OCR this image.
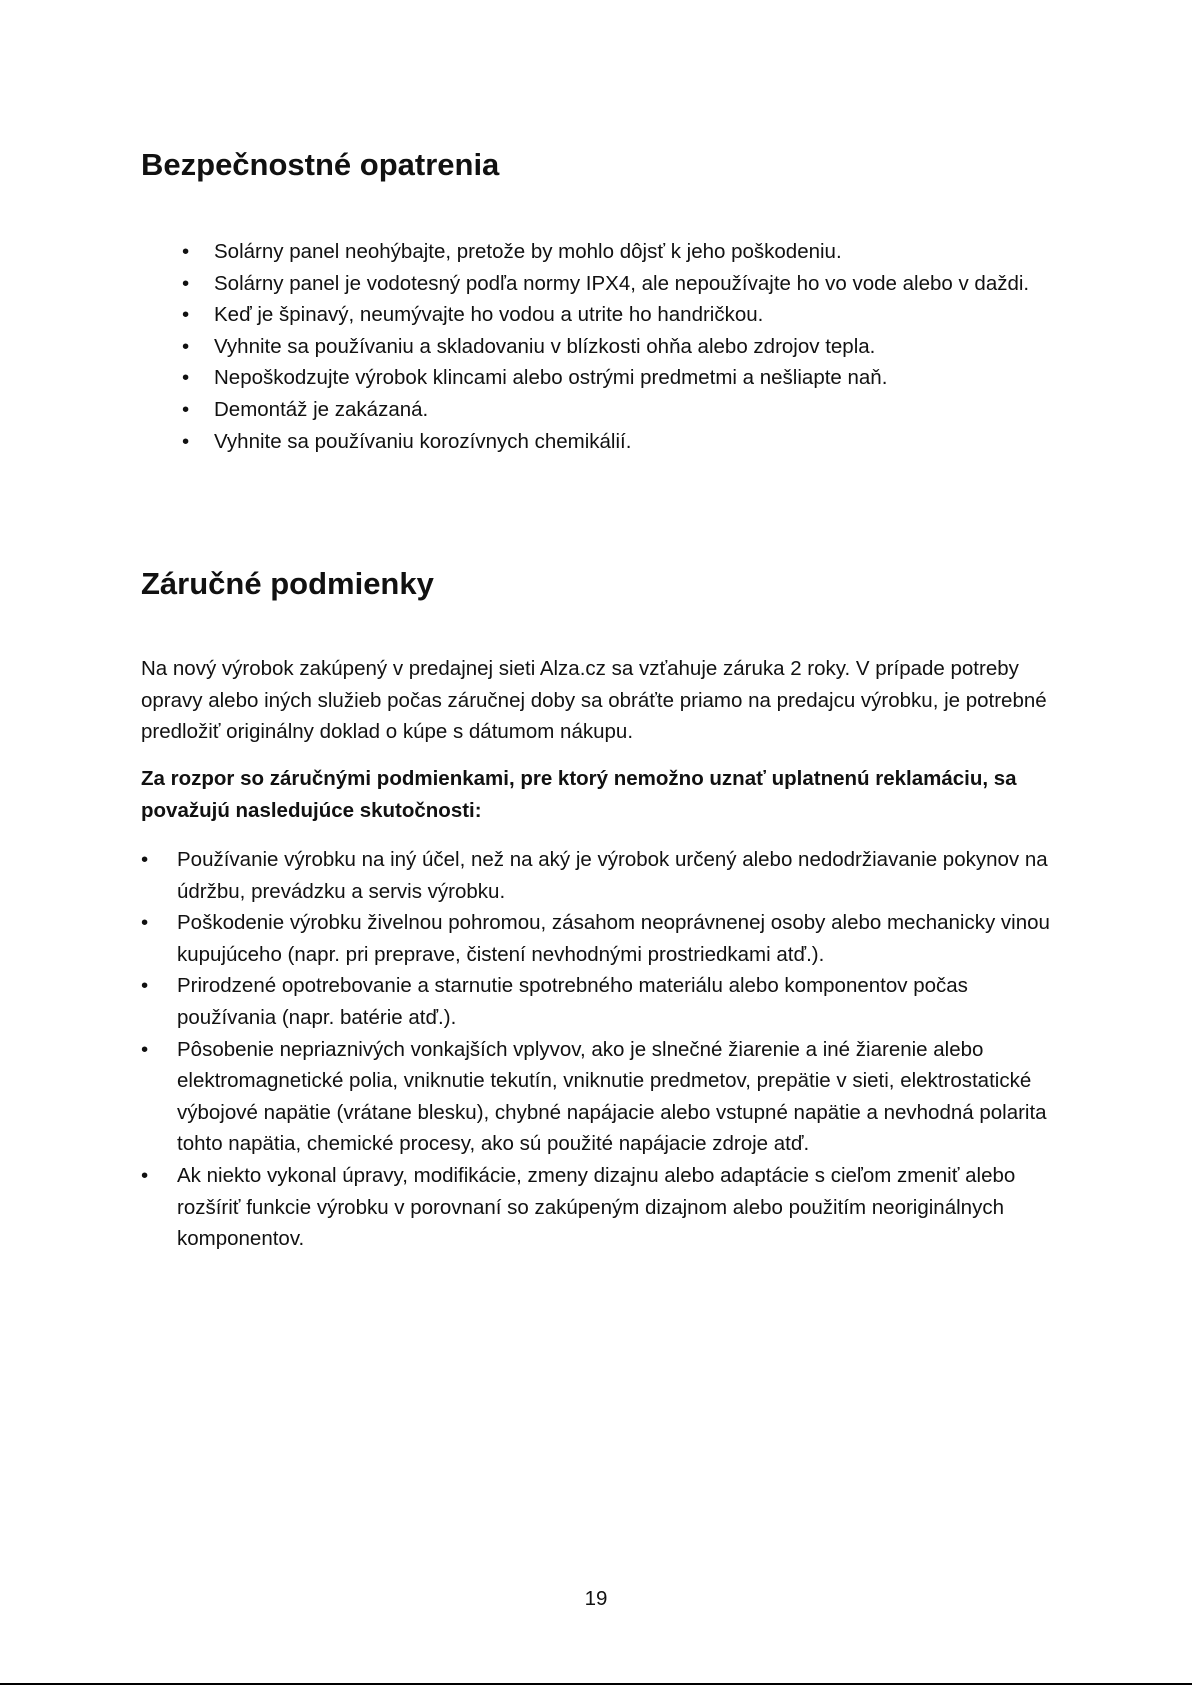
Bezpečnostné opatrenia
• Solárny panel neohýbajte, pretože by mohlo dôjsť k jeho poškodeniu.
• Solárny panel je vodotesný podľa normy IPX4, ale nepoužívajte ho vo vode alebo v daždi.
• Keď je špinavý, neumývajte ho vodou a utrite ho handričkou.
• Vyhnite sa používaniu a skladovaniu v blízkosti ohňa alebo zdrojov tepla.
• Nepoškodzujte výrobok klincami alebo ostrými predmetmi a nešliapte naň.
• Demontáž je zakázaná.
• Vyhnite sa používaniu korozívnych chemikálií.
Záručné podmienky

Na nový výrobok zakúpený v predajnej sieti Alza.cz sa vzťahuje záruka 2 roky. V prípade potreby opravy alebo iných služieb počas záručnej doby sa obráťte priamo na predajcu výrobku, je potrebné predložiť originálny doklad o kúpe s dátumom nákupu.

Za rozpor so záručnými podmienkami, pre ktorý nemožno uznať uplatnenú reklamáciu, sa považujú nasledujúce skutočnosti:

• Používanie výrobku na iný účel, než na aký je výrobok určený alebo nedodržiavanie pokynov na údržbu, prevádzku a servis výrobku.
• Poškodenie výrobku živelnou pohromou, zásahom neoprávnenej osoby alebo mechanicky vinou kupujúceho (napr. pri preprave, čistení nevhodnými prostriedkami atď.).
• Prirodzené opotrebovanie a starnutie spotrebného materiálu alebo komponentov počas používania (napr. batérie atď.).
• Pôsobenie nepriaznivých vonkajších vplyvov, ako je slnečné žiarenie a iné žiarenie alebo elektromagnetické polia, vniknutie tekutín, vniknutie predmetov, prepätie v sieti, elektrostatické výbojové napätie (vrátane blesku), chybné napájacie alebo vstupné napätie a nevhodná polarita tohto napätia, chemické procesy, ako sú použité napájacie zdroje atď.
• Ak niekto vykonal úpravy, modifikácie, zmeny dizajnu alebo adaptácie s cieľom zmeniť alebo rozšíriť funkcie výrobku v porovnaní so zakúpeným dizajnom alebo použitím neoriginálnych komponentov.
19
